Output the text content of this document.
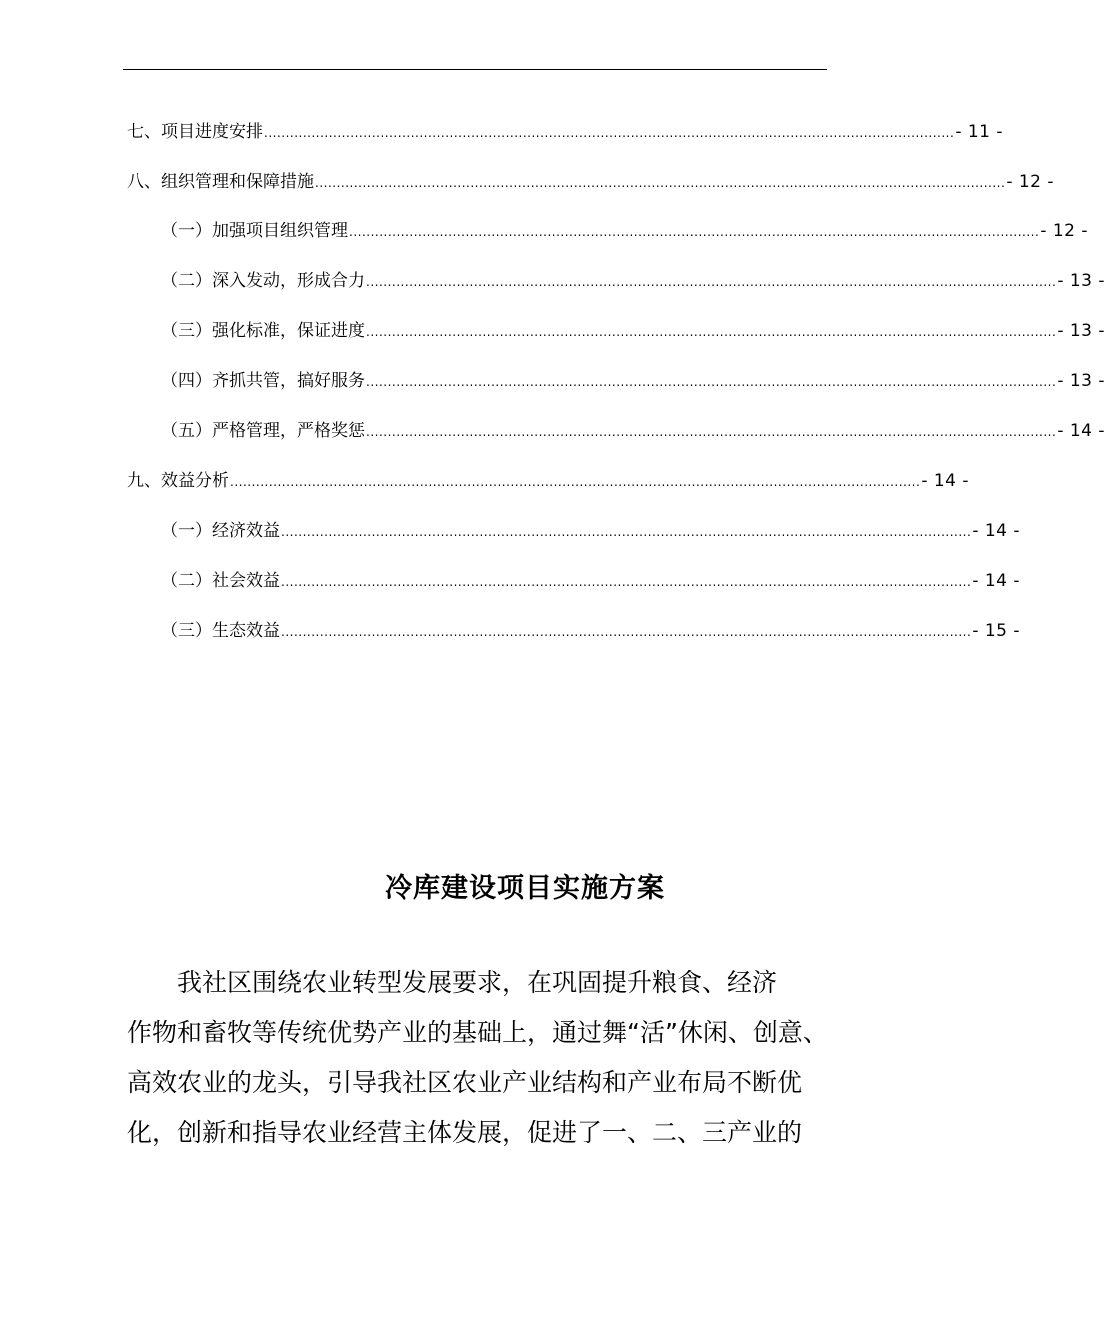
七、项目进度安排 ................................................................................................................................................................ - 11 -
八、组织管理和保障措施 ................................................................................................................................................................ - 12 -
（一）加强项目组织管理 ................................................................................................................................................................ - 12 -
（二）深入发动，形成合力 ................................................................................................................................................................ - 13 -
（三）强化标准，保证进度 ................................................................................................................................................................ - 13 -
（四）齐抓共管，搞好服务 ................................................................................................................................................................ - 13 -
（五）严格管理，严格奖惩 ................................................................................................................................................................ - 14 -
九、效益分析 ................................................................................................................................................................ - 14 -
（一）经济效益 ................................................................................................................................................................ - 14 -
（二）社会效益 ................................................................................................................................................................ - 14 -
（三）生态效益 ................................................................................................................................................................ - 15 -
冷库建设项目实施方案
　　我社区围绕农业转型发展要求，在巩固提升粮食、经济
作物和畜牧等传统优势产业的基础上，通过舞“活”休闲、创意、
高效农业的龙头，引导我社区农业产业结构和产业布局不断优
化，创新和指导农业经营主体发展，促进了一、二、三产业的
